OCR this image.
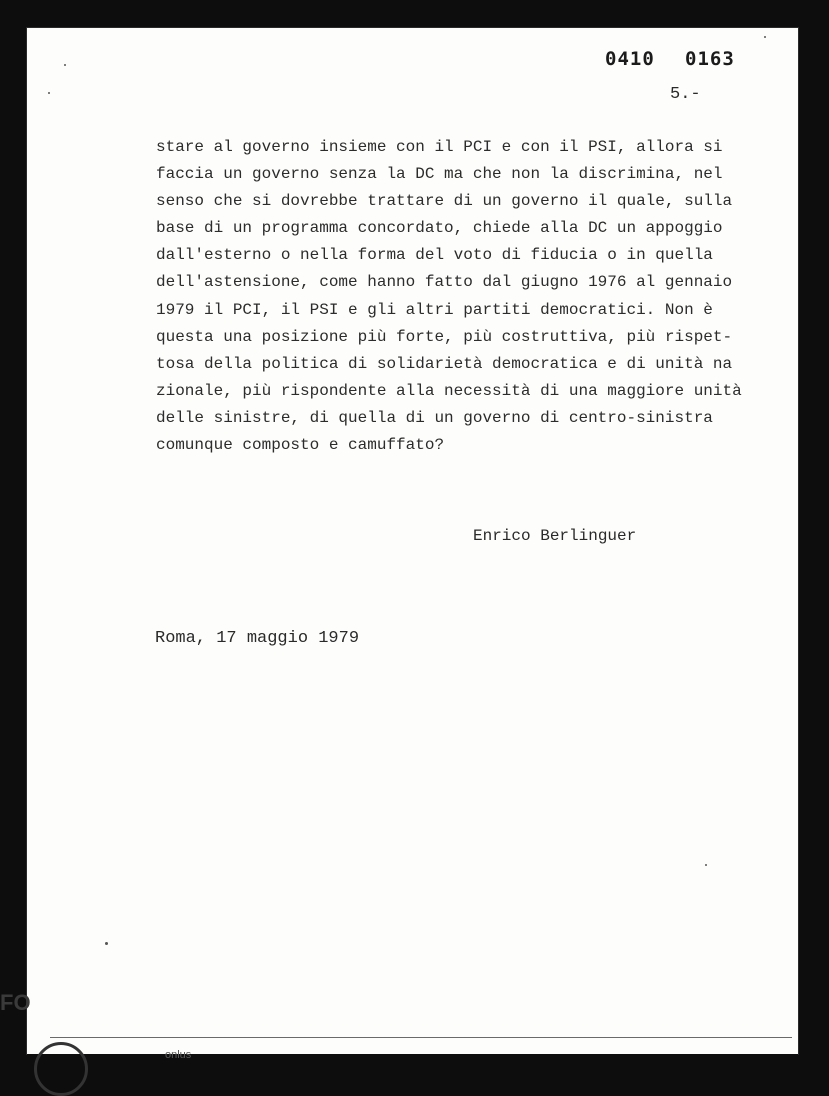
0410 0163
5.-
stare al governo insieme con il PCI e con il PSI, allora si
faccia un governo senza la DC ma che non la discrimina, nel
senso che si dovrebbe trattare di un governo il quale, sulla
base di un programma concordato, chiede alla DC un appoggio
dall'esterno o nella forma del voto di fiducia o in quella
dell'astensione, come hanno fatto dal giugno 1976 al gennaio
1979 il PCI, il PSI e gli altri partiti democratici. Non è
questa una posizione più forte, più costruttiva, più rispet-
tosa della politica di solidarietà democratica e di unità na
zionale, più rispondente alla necessità di una maggiore unità
delle sinistre, di quella di un governo di centro-sinistra
comunque composto e camuffato?
Enrico Berlinguer
Roma, 17 maggio 1979
FO
onlus
